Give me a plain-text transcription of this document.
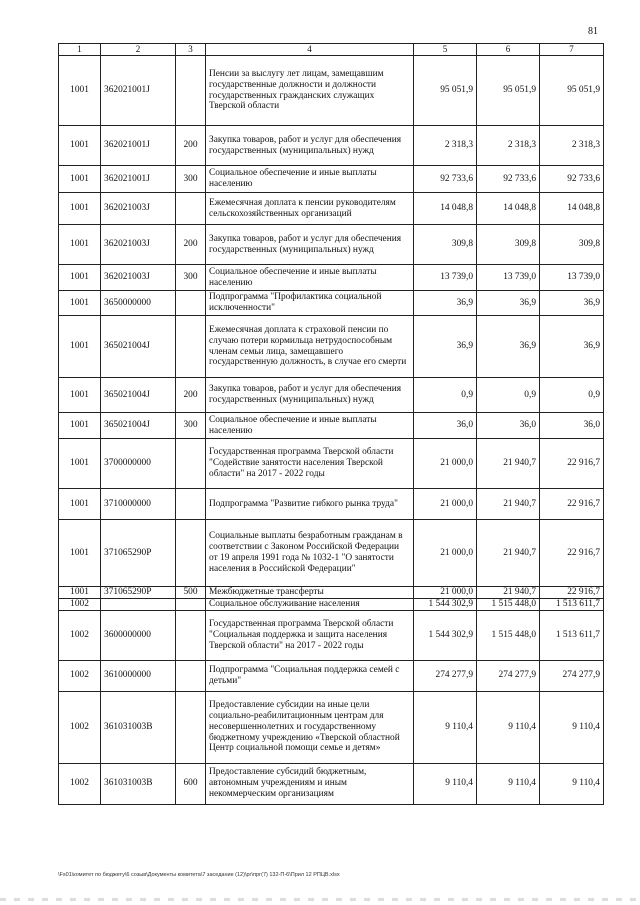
81
1	2	3	4	5	6	7
1001	362021001J		Пенсии за выслугу лет лицам, замещавшим государственные должности и должности государственных гражданских служащих Тверской области	95 051,9	95 051,9	95 051,9
1001	362021001J	200	Закупка товаров, работ и услуг для обеспечения государственных (муниципальных) нужд	2 318,3	2 318,3	2 318,3
1001	362021001J	300	Социальное обеспечение и иные выплаты населению	92 733,6	92 733,6	92 733,6
1001	362021003J		Ежемесячная доплата к пенсии руководителям сельскохозяйственных организаций	14 048,8	14 048,8	14 048,8
1001	362021003J	200	Закупка товаров, работ и услуг для обеспечения государственных (муниципальных) нужд	309,8	309,8	309,8
1001	362021003J	300	Социальное обеспечение и иные выплаты населению	13 739,0	13 739,0	13 739,0
1001	3650000000		Подпрограмма "Профилактика социальной исключенности"	36,9	36,9	36,9
1001	365021004J		Ежемесячная доплата к страховой пенсии по случаю потери кормильца нетрудоспособным членам семьи лица, замещавшего государственную должность, в случае его смерти	36,9	36,9	36,9
1001	365021004J	200	Закупка товаров, работ и услуг для обеспечения государственных (муниципальных) нужд	0,9	0,9	0,9
1001	365021004J	300	Социальное обеспечение и иные выплаты населению	36,0	36,0	36,0
1001	3700000000		Государственная программа Тверской области "Содействие занятости населения Тверской области" на 2017 - 2022 годы	21 000,0	21 940,7	22 916,7
1001	3710000000		Подпрограмма "Развитие гибкого рынка труда"	21 000,0	21 940,7	22 916,7
1001	371065290P		Социальные выплаты безработным гражданам в соответствии с Законом Российской Федерации от 19 апреля 1991 года № 1032-1 "О занятости населения в Российской Федерации"	21 000,0	21 940,7	22 916,7
1001	371065290P	500	Межбюджетные трансферты	21 000,0	21 940,7	22 916,7
1002			Социальное обслуживание населения	1 544 302,9	1 515 448,0	1 513 611,7
1002	3600000000		Государственная программа Тверской области "Социальная поддержка и защита населения Тверской области" на 2017 - 2022 годы	1 544 302,9	1 515 448,0	1 513 611,7
1002	3610000000		Подпрограмма "Социальная поддержка семей с детьми"	274 277,9	274 277,9	274 277,9
1002	361031003B		Предоставление субсидии на иные цели социально-реабилитационным центрам для несовершеннолетних и государственному бюджетному учреждению «Тверской областной Центр социальной помощи семье и детям»	9 110,4	9 110,4	9 110,4
1002	361031003B	600	Предоставление субсидий бюджетным, автономным учреждениям и иным некоммерческим организациям	9 110,4	9 110,4	9 110,4
\Fs01\комитет по бюджету\6 созыв\Документы комитета\7 заседание (12)\рг\прг(7) 132-П-6\Прил 12 РПЦВ.xlsx
